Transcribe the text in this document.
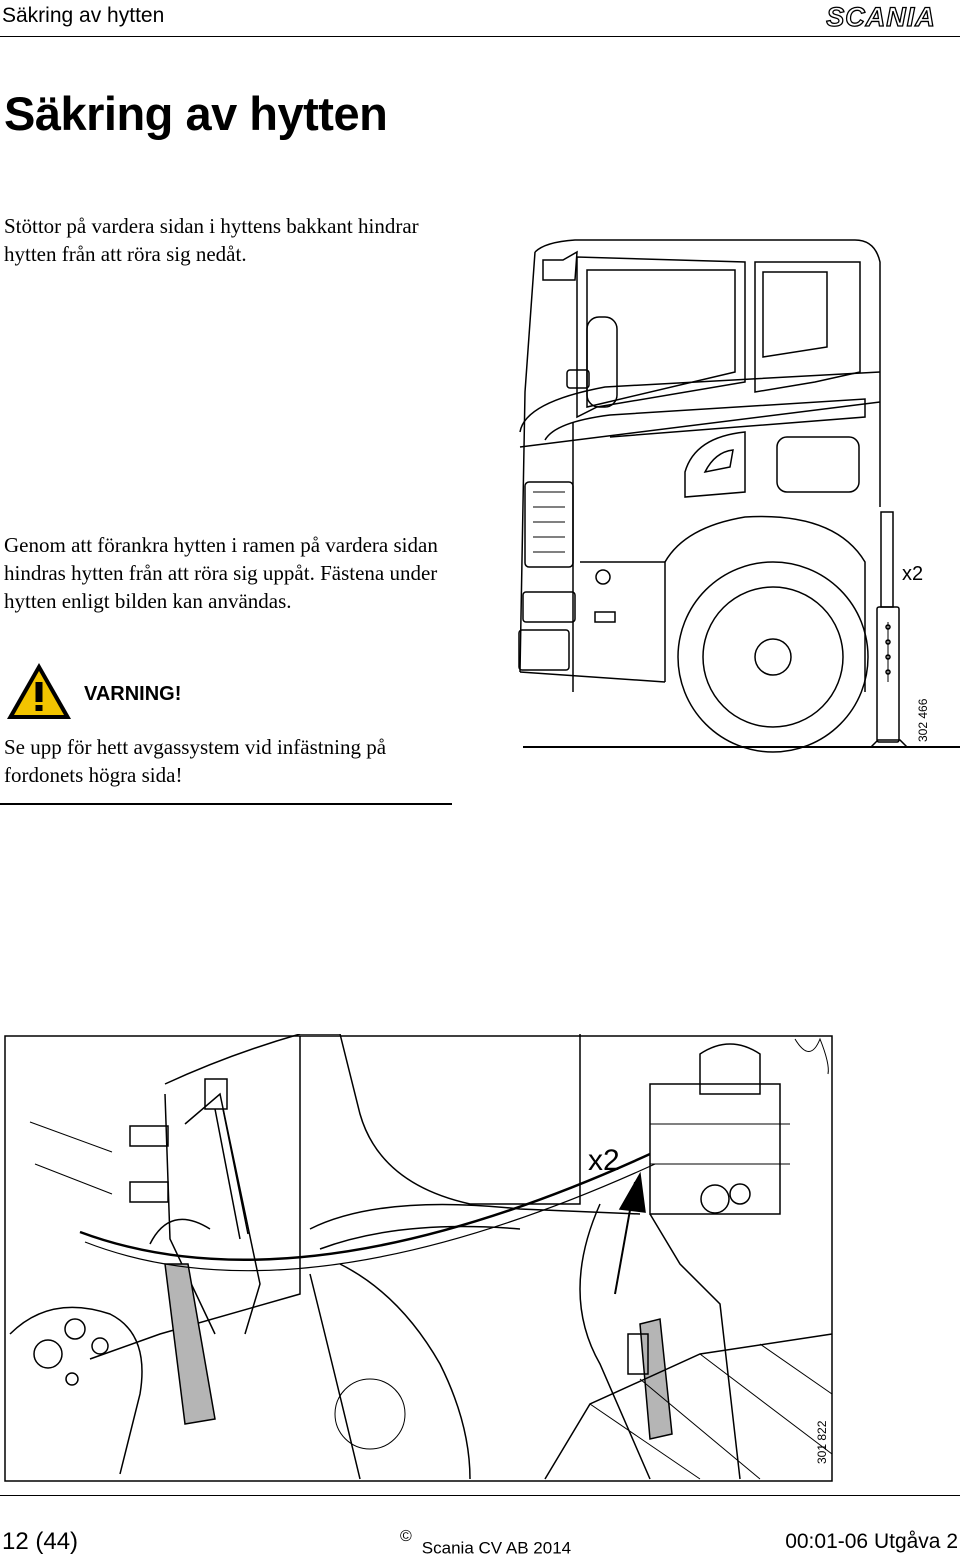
Säkring av hytten	SCANIA
Säkring av hytten

Stöttor på vardera sidan i hyttens bakkant hindrar hytten från att röra sig nedåt.

Genom att förankra hytten i ramen på vardera sidan hindras hytten från att röra sig uppåt. Fästena under hytten enligt bilden kan användas.

VARNING!

Se upp för hett avgassystem vid infästning på fordonets högra sida!

x2
302 466
x2
301 822
12 (44)	©Scania CV AB 2014	00:01-06 Utgåva 2
